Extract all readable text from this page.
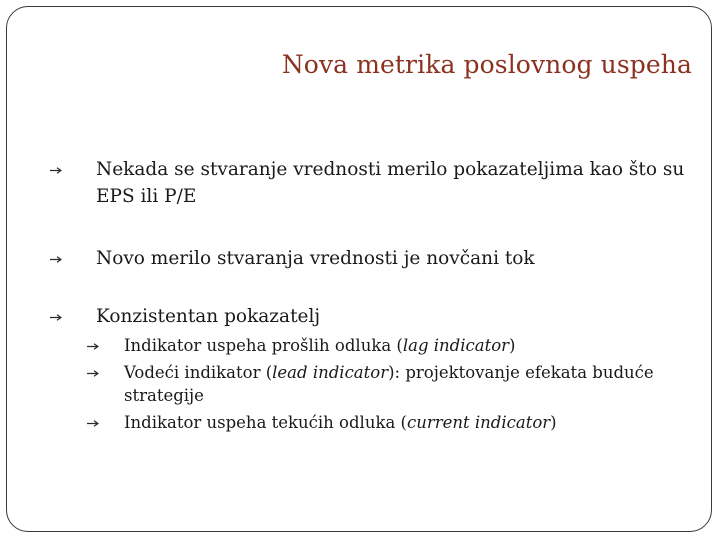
Nova metrika poslovnog uspeha
Nekada se stvaranje vrednosti merilo pokazateljima kao što su
EPS ili P/E
Novo merilo stvaranja vrednosti je novčani tok
Konzistentan pokazatelj
Indikator uspeha prošlih odluka (lag indicator)
Vodeći indikator (lead indicator): projektovanje efekata buduće
strategije
Indikator uspeha tekućih odluka (current indicator)
